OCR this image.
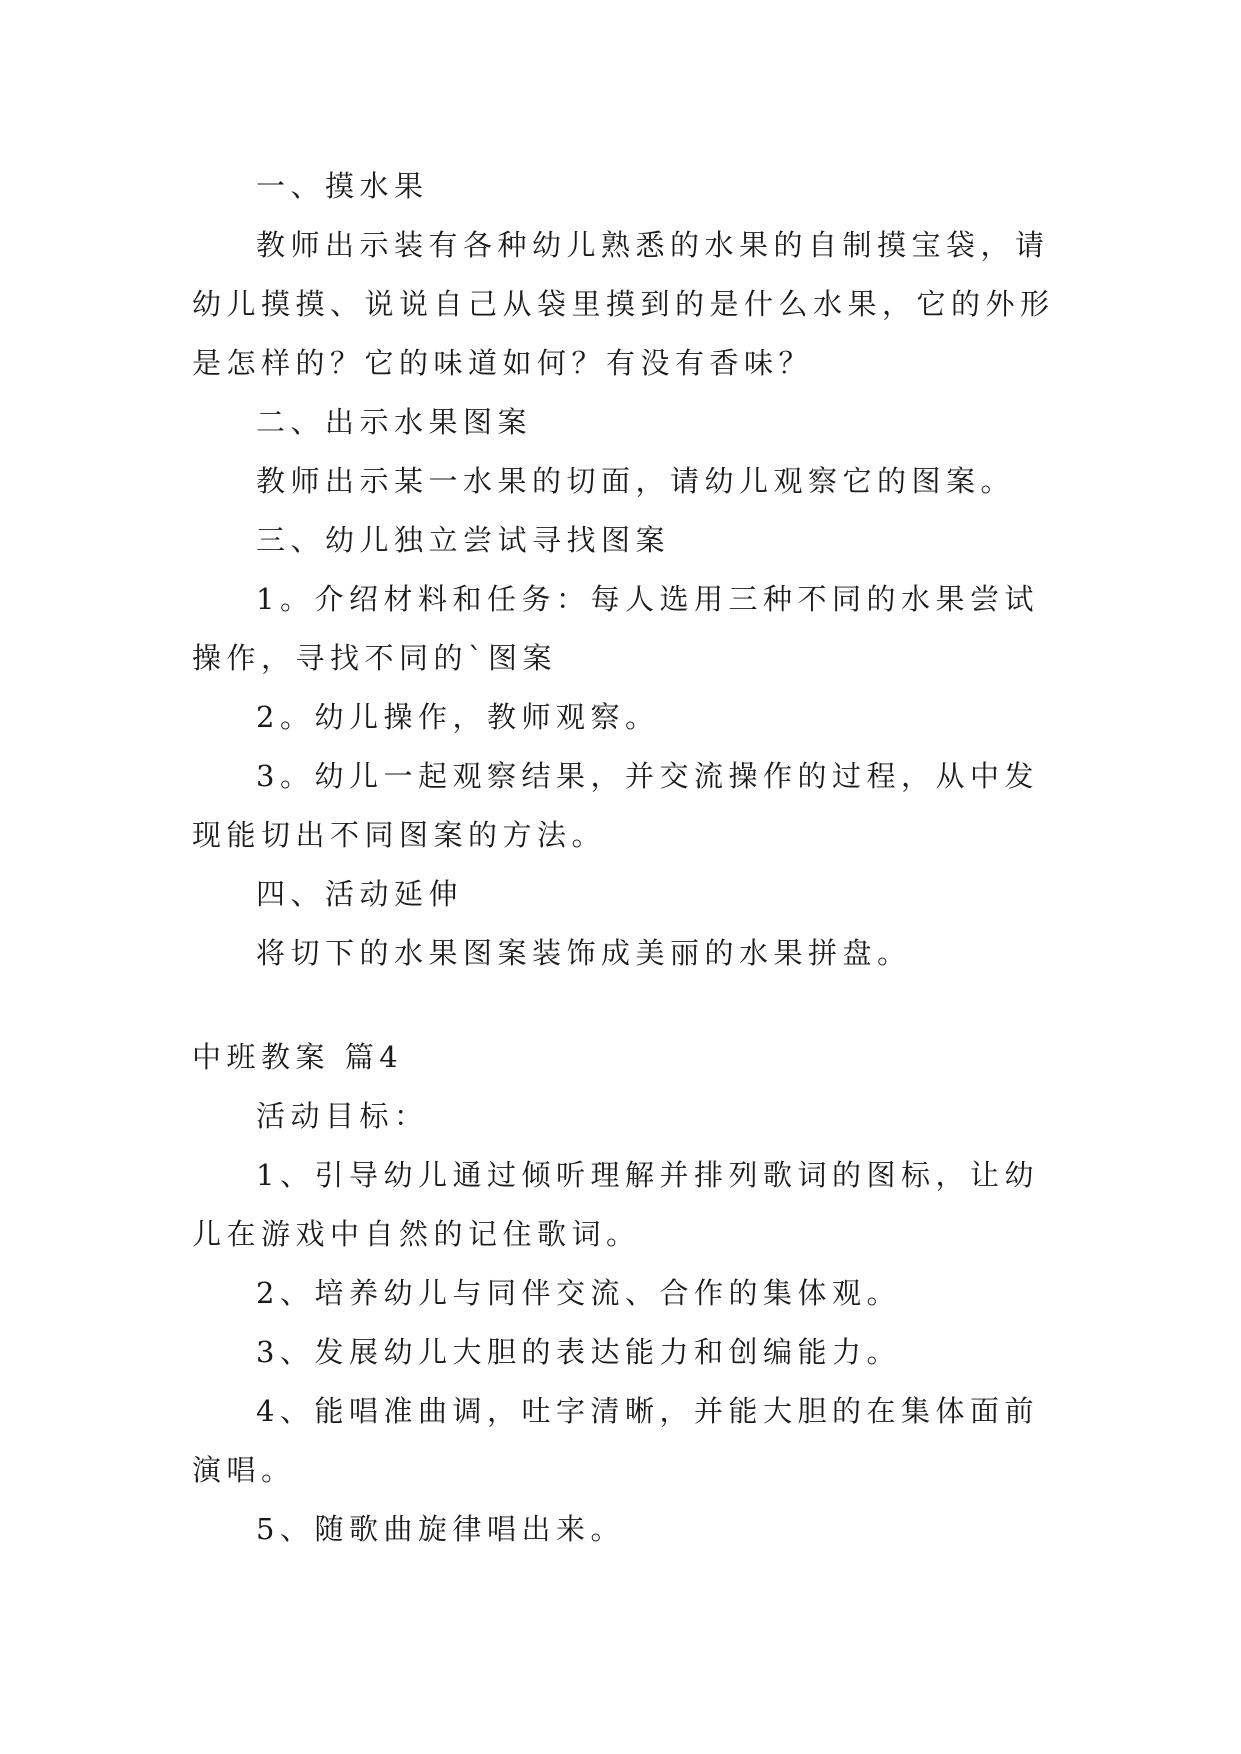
一、摸水果

教师出示装有各种幼儿熟悉的水果的自制摸宝袋，请幼儿摸摸、说说自己从袋里摸到的是什么水果，它的外形是怎样的？它的味道如何？有没有香味？

二、出示水果图案

教师出示某一水果的切面，请幼儿观察它的图案。

三、幼儿独立尝试寻找图案

1。介绍材料和任务：每人选用三种不同的水果尝试操作，寻找不同的`图案

2。幼儿操作，教师观察。

3。幼儿一起观察结果，并交流操作的过程，从中发现能切出不同图案的方法。

四、活动延伸

将切下的水果图案装饰成美丽的水果拼盘。

中班教案 篇4

活动目标：

1、引导幼儿通过倾听理解并排列歌词的图标，让幼儿在游戏中自然的记住歌词。

2、培养幼儿与同伴交流、合作的集体观。

3、发展幼儿大胆的表达能力和创编能力。

4、能唱准曲调，吐字清晰，并能大胆的在集体面前演唱。

5、随歌曲旋律唱出来。
